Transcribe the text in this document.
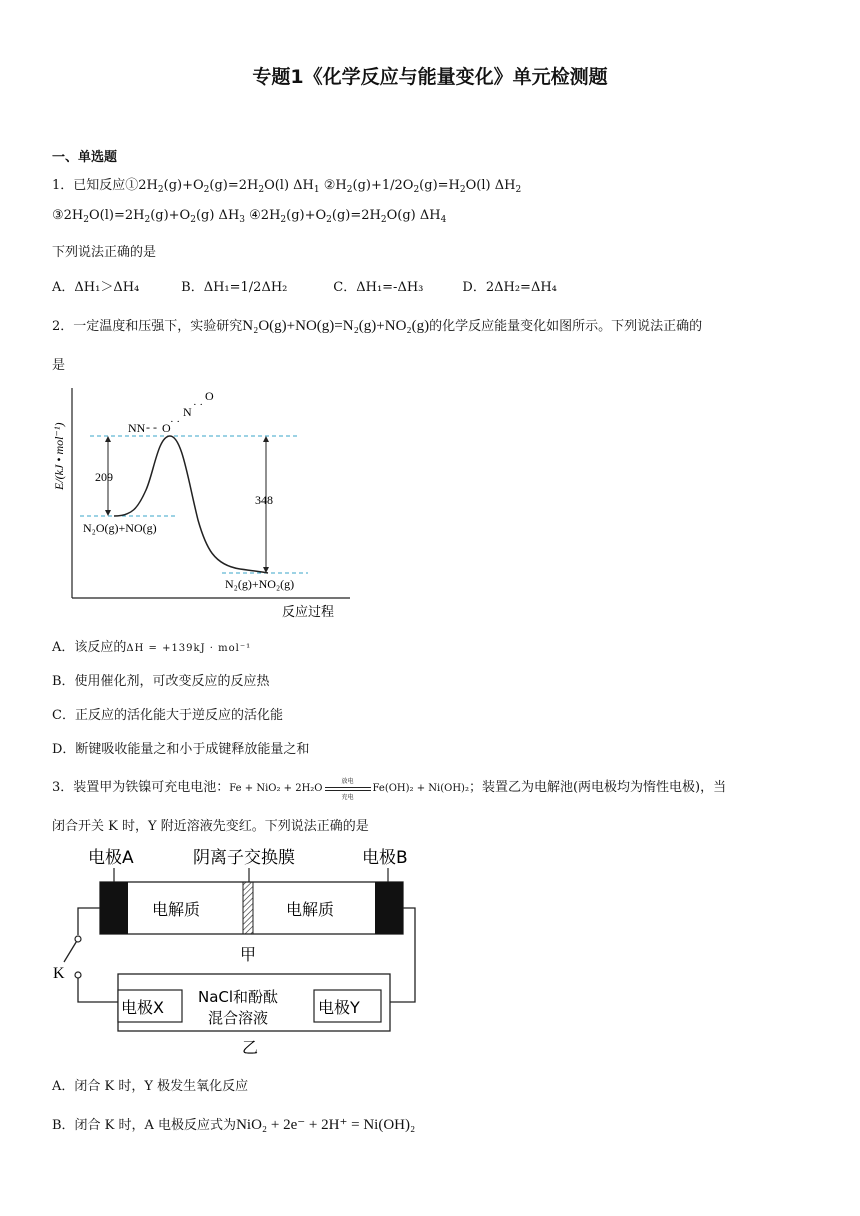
专题1《化学反应与能量变化》单元检测题
一、单选题
1．已知反应$①2H_2(g)+O_2(g)=2H_2O(l)$ $\Delta H_1$ $②H_2(g)+1/2O_2(g)=H_2O(l)$ $\Delta H_2$
$③2H_2O(l)=2H_2(g)+O_2(g)$ $\Delta H_3$ $④2H_2(g)+O_2(g)=2H_2O(g)$ $\Delta H_4$
下列说法正确的是
A．ΔH₁＞ΔH₄	B．ΔH₁=1/2ΔH₂	C．ΔH₁=-ΔH₃	D．2ΔH₂=ΔH₄
2．一定温度和压强下，实验研究N₂O(g)+NO(g)=N₂(g)+NO₂(g)的化学反应能量变化如图所示。下列说法正确的
是
E/(kJ • mol⁻¹)
反应过程
209
348
N₂O(g)+NO(g)
N₂(g)+NO₂(g)
NN - - O · ·
N · ·
O
A．该反应的ΔH = +139kJ · mol⁻¹
B．使用催化剂，可改变反应的反应热
C．正反应的活化能大于逆反应的活化能
D．断键吸收能量之和小于成键释放能量之和
3．装置甲为铁镍可充电电池：Fe + NiO₂ + 2H₂O
放电
充电
Fe(OH)₂ + Ni(OH)₂；装置乙为电解池(两电极均为惰性电极)，当
闭合开关 K 时，Y 附近溶液先变红。下列说法正确的是
电极A	阴离子交换膜	电极B
电解质	电解质
甲
K
电极X	电极Y
NaCl和酚酞
混合溶液
乙
A．闭合 K 时，Y 极发生氧化反应
B．闭合 K 时，A 电极反应式为NiO₂ + 2e⁻ + 2H⁺ = Ni(OH)₂
